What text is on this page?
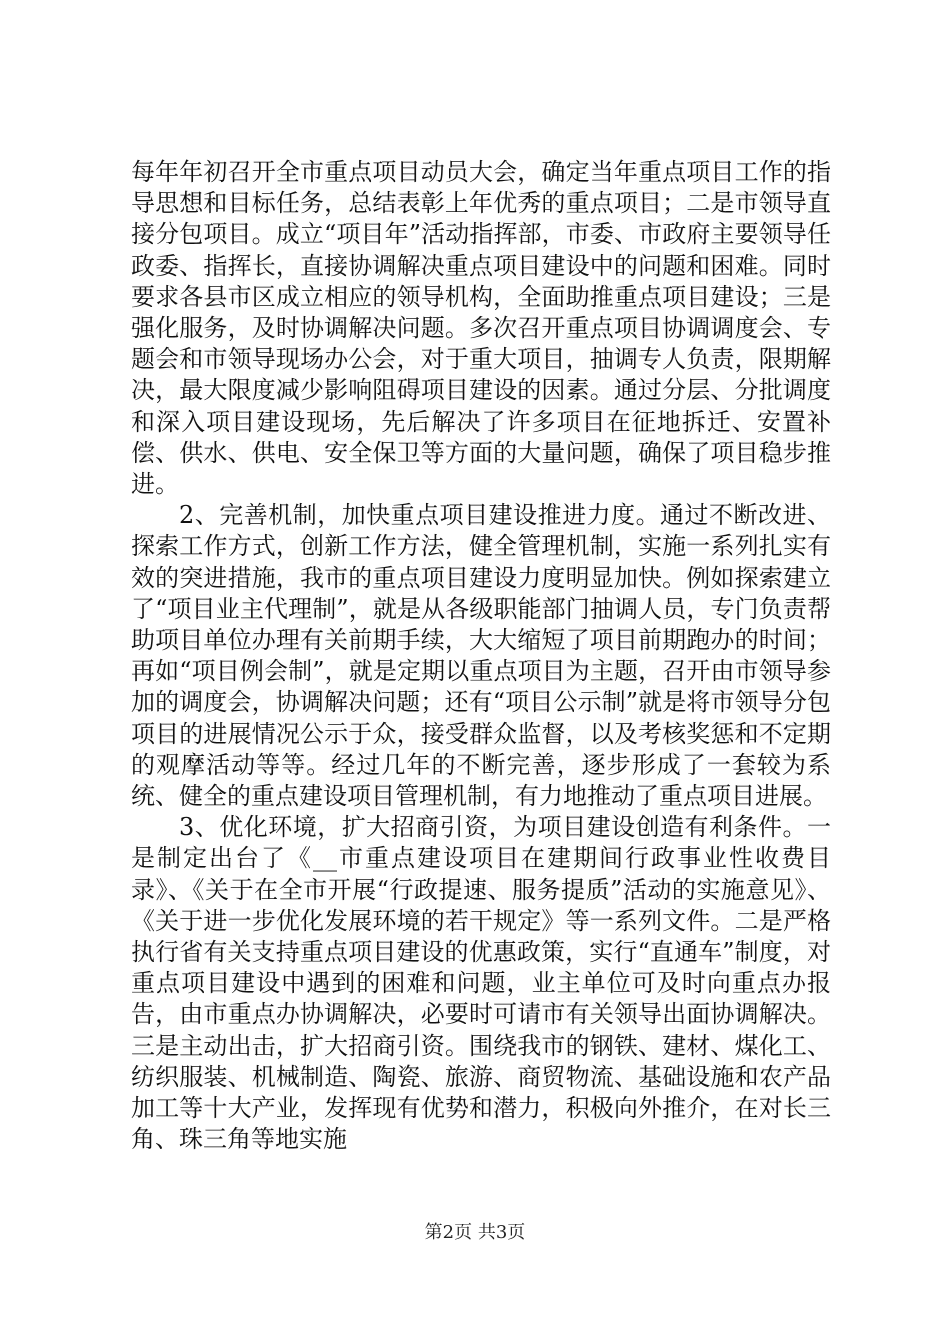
每年年初召开全市重点项目动员大会，确定当年重点项目工作的指导思想和目标任务，总结表彰上年优秀的重点项目；二是市领导直接分包项目。成立“项目年”活动指挥部，市委、市政府主要领导任政委、指挥长，直接协调解决重点项目建设中的问题和困难。同时要求各县市区成立相应的领导机构，全面助推重点项目建设；三是强化服务，及时协调解决问题。多次召开重点项目协调调度会、专题会和市领导现场办公会，对于重大项目，抽调专人负责，限期解决，最大限度减少影响阻碍项目建设的因素。通过分层、分批调度和深入项目建设现场，先后解决了许多项目在征地拆迁、安置补偿、供水、供电、安全保卫等方面的大量问题，确保了项目稳步推进。

2、完善机制，加快重点项目建设推进力度。通过不断改进、探索工作方式，创新工作方法，健全管理机制，实施一系列扎实有效的突进措施，我市的重点项目建设力度明显加快。例如探索建立了“项目业主代理制”，就是从各级职能部门抽调人员，专门负责帮助项目单位办理有关前期手续，大大缩短了项目前期跑办的时间；再如“项目例会制”，就是定期以重点项目为主题，召开由市领导参加的调度会，协调解决问题；还有“项目公示制”就是将市领导分包项目的进展情况公示于众，接受群众监督，以及考核奖惩和不定期的观摩活动等等。经过几年的不断完善，逐步形成了一套较为系统、健全的重点建设项目管理机制，有力地推动了重点项目进展。

3、优化环境，扩大招商引资，为项目建设创造有利条件。一是制定出台了《__市重点建设项目在建期间行政事业性收费目录》、《关于在全市开展“行政提速、服务提质”活动的实施意见》、《关于进一步优化发展环境的若干规定》等一系列文件。二是严格执行省有关支持重点项目建设的优惠政策，实行“直通车”制度，对重点项目建设中遇到的困难和问题，业主单位可及时向重点办报告，由市重点办协调解决，必要时可请市有关领导出面协调解决。三是主动出击，扩大招商引资。围绕我市的钢铁、建材、煤化工、纺织服装、机械制造、陶瓷、旅游、商贸物流、基础设施和农产品加工等十大产业，发挥现有优势和潜力，积极向外推介，在对长三角、珠三角等地实施

第2页 共3页
